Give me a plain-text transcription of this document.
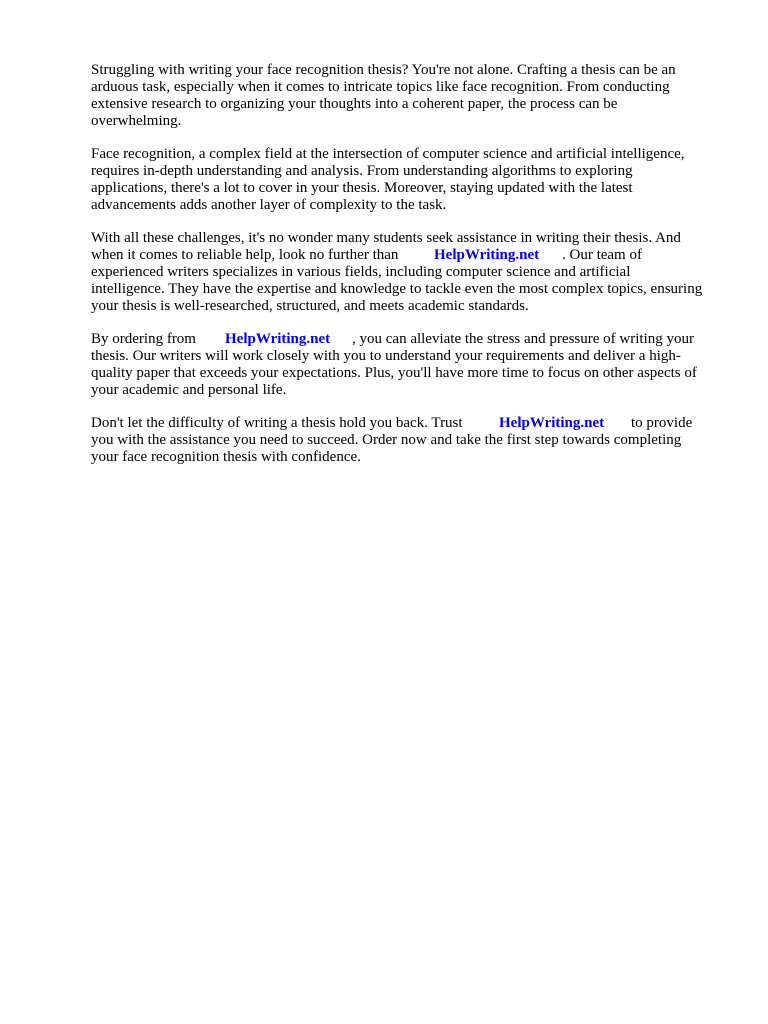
Struggling with writing your face recognition thesis? You're not alone. Crafting a thesis can be an
arduous task, especially when it comes to intricate topics like face recognition. From conducting
extensive research to organizing your thoughts into a coherent paper, the process can be
overwhelming.
Face recognition, a complex field at the intersection of computer science and artificial intelligence,
requires in-depth understanding and analysis. From understanding algorithms to exploring
applications, there's a lot to cover in your thesis. Moreover, staying updated with the latest
advancements adds another layer of complexity to the task.
With all these challenges, it's no wonder many students seek assistance in writing their thesis. And
when it comes to reliable help, look no further than HelpWriting.net . Our team of
experienced writers specializes in various fields, including computer science and artificial
intelligence. They have the expertise and knowledge to tackle even the most complex topics, ensuring
your thesis is well-researched, structured, and meets academic standards.
By ordering from HelpWriting.net , you can alleviate the stress and pressure of writing your
thesis. Our writers will work closely with you to understand your requirements and deliver a high-
quality paper that exceeds your expectations. Plus, you'll have more time to focus on other aspects of
your academic and personal life.
Don't let the difficulty of writing a thesis hold you back. Trust HelpWriting.net to provide
you with the assistance you need to succeed. Order now and take the first step towards completing
your face recognition thesis with confidence.
